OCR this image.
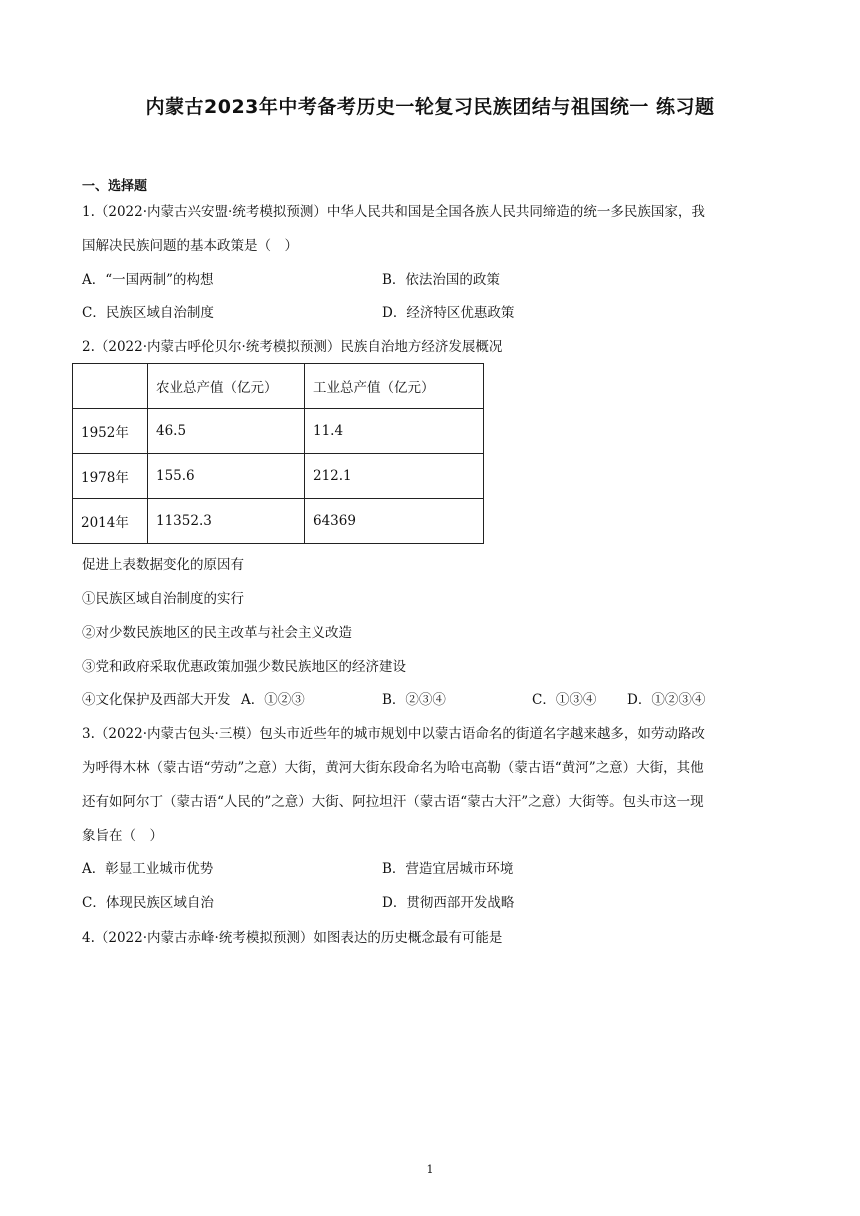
内蒙古2023年中考备考历史一轮复习民族团结与祖国统一 练习题
一、选择题
1.（2022·内蒙古兴安盟·统考模拟预测）中华人民共和国是全国各族人民共同缔造的统一多民族国家，我
国解决民族问题的基本政策是（　）
A．“一国两制”的构想	B．依法治国的政策
C．民族区域自治制度	D．经济特区优惠政策
2.（2022·内蒙古呼伦贝尔·统考模拟预测）民族自治地方经济发展概况
	农业总产值（亿元）	工业总产值（亿元）
1952年	46.5	11.4
1978年	155.6	212.1
2014年	11352.3	64369
促进上表数据变化的原因有
①民族区域自治制度的实行
②对少数民族地区的民主改革与社会主义改造
③党和政府采取优惠政策加强少数民族地区的经济建设
④文化保护及西部大开发 A．①②③	B．②③④	C．①③④ D．①②③④
3.（2022·内蒙古包头·三模）包头市近些年的城市规划中以蒙古语命名的街道名字越来越多，如劳动路改
为呼得木林（蒙古语“劳动”之意）大街，黄河大街东段命名为哈屯高勒（蒙古语“黄河”之意）大街，其他
还有如阿尔丁（蒙古语“人民的”之意）大街、阿拉坦汗（蒙古语“蒙古大汗”之意）大街等。包头市这一现
象旨在（　）
A．彰显工业城市优势	B．营造宜居城市环境
C．体现民族区域自治	D．贯彻西部开发战略
4.（2022·内蒙古赤峰·统考模拟预测）如图表达的历史概念最有可能是
1
